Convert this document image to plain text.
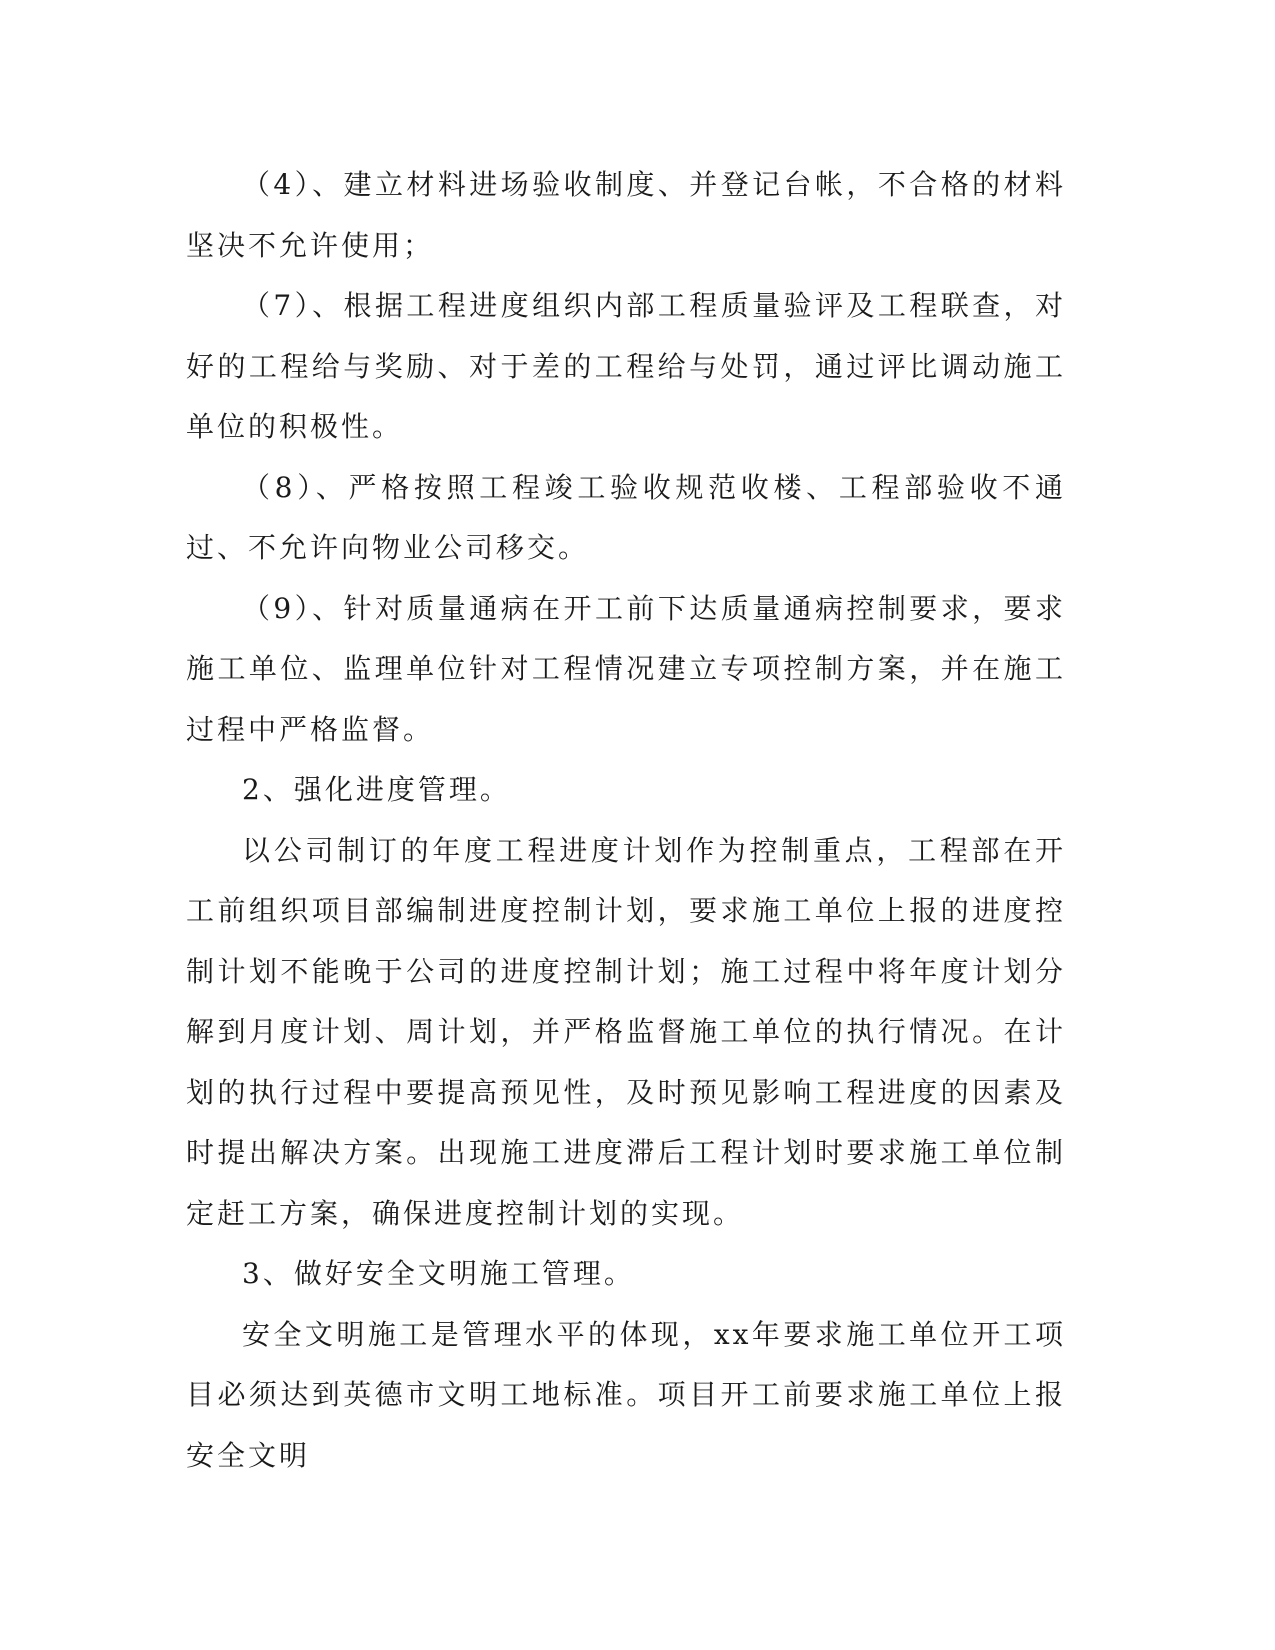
（4）、建立材料进场验收制度、并登记台帐，不合格的材料坚决不允许使用；

（7）、根据工程进度组织内部工程质量验评及工程联查，对好的工程给与奖励、对于差的工程给与处罚，通过评比调动施工单位的积极性。

（8）、严格按照工程竣工验收规范收楼、工程部验收不通过、不允许向物业公司移交。

（9）、针对质量通病在开工前下达质量通病控制要求，要求施工单位、监理单位针对工程情况建立专项控制方案，并在施工过程中严格监督。

2、强化进度管理。

以公司制订的年度工程进度计划作为控制重点，工程部在开工前组织项目部编制进度控制计划，要求施工单位上报的进度控制计划不能晚于公司的进度控制计划；施工过程中将年度计划分解到月度计划、周计划，并严格监督施工单位的执行情况。在计划的执行过程中要提高预见性，及时预见影响工程进度的因素及时提出解决方案。出现施工进度滞后工程计划时要求施工单位制定赶工方案，确保进度控制计划的实现。

3、做好安全文明施工管理。

安全文明施工是管理水平的体现，xx年要求施工单位开工项目必须达到英德市文明工地标准。项目开工前要求施工单位上报安全文明
